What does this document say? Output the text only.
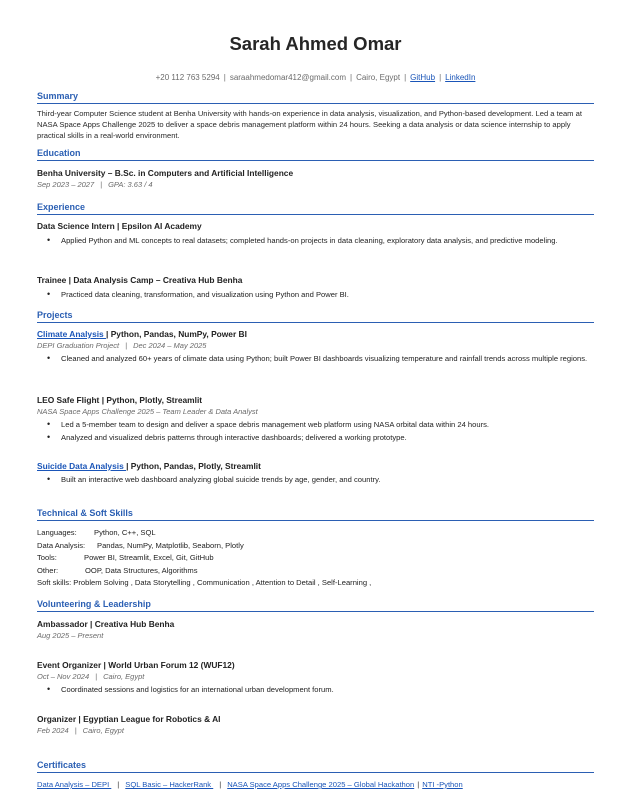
Sarah Ahmed Omar
+20 112 763 5294 | saraahmedomar412@gmail.com | Cairo, Egypt | GitHub | LinkedIn
Summary
Third-year Computer Science student at Benha University with hands-on experience in data analysis, visualization, and Python-based development. Led a team at NASA Space Apps Challenge 2025 to deliver a space debris management platform within 24 hours. Seeking a data analysis or data science internship to apply practical skills in a real-world environment.
Education
Benha University – B.Sc. in Computers and Artificial Intelligence
Sep 2023 – 2027 | GPA: 3.63 / 4
Experience
Data Science Intern | Epsilon AI Academy
• Applied Python and ML concepts to real datasets; completed hands-on projects in data cleaning, exploratory data analysis, and predictive modeling.
Trainee | Data Analysis Camp – Creativa Hub Benha
• Practiced data cleaning, transformation, and visualization using Python and Power BI.
Projects
Climate Analysis | Python, Pandas, NumPy, Power BI
DEPI Graduation Project | Dec 2024 – May 2025
• Cleaned and analyzed 60+ years of climate data using Python; built Power BI dashboards visualizing temperature and rainfall trends across multiple regions.
LEO Safe Flight | Python, Plotly, Streamlit
NASA Space Apps Challenge 2025 – Team Leader & Data Analyst
• Led a 5-member team to design and deliver a space debris management web platform using NASA orbital data within 24 hours.
• Analyzed and visualized debris patterns through interactive dashboards; delivered a working prototype.
Suicide Data Analysis | Python, Pandas, Plotly, Streamlit
• Built an interactive web dashboard analyzing global suicide trends by age, gender, and country.
Technical & Soft Skills
Languages: Python, C++, SQL
Data Analysis: Pandas, NumPy, Matplotlib, Seaborn, Plotly
Tools:	Power BI, Streamlit, Excel, Git, GitHub
Other:	OOP, Data Structures, Algorithms
Soft skills: Problem Solving , Data Storytelling , Communication , Attention to Detail , Self-Learning ,
Volunteering & Leadership
Ambassador | Creativa Hub Benha
Aug 2025 – Present
Event Organizer | World Urban Forum 12 (WUF12)
Oct – Nov 2024 | Cairo, Egypt
• Coordinated sessions and logistics for an international urban development forum.
Organizer | Egyptian League for Robotics & AI
Feb 2024 | Cairo, Egypt
Certificates
Data Analysis – DEPI | SQL Basic – HackerRank | NASA Space Apps Challenge 2025 – Global Hackathon | NTI -Python
